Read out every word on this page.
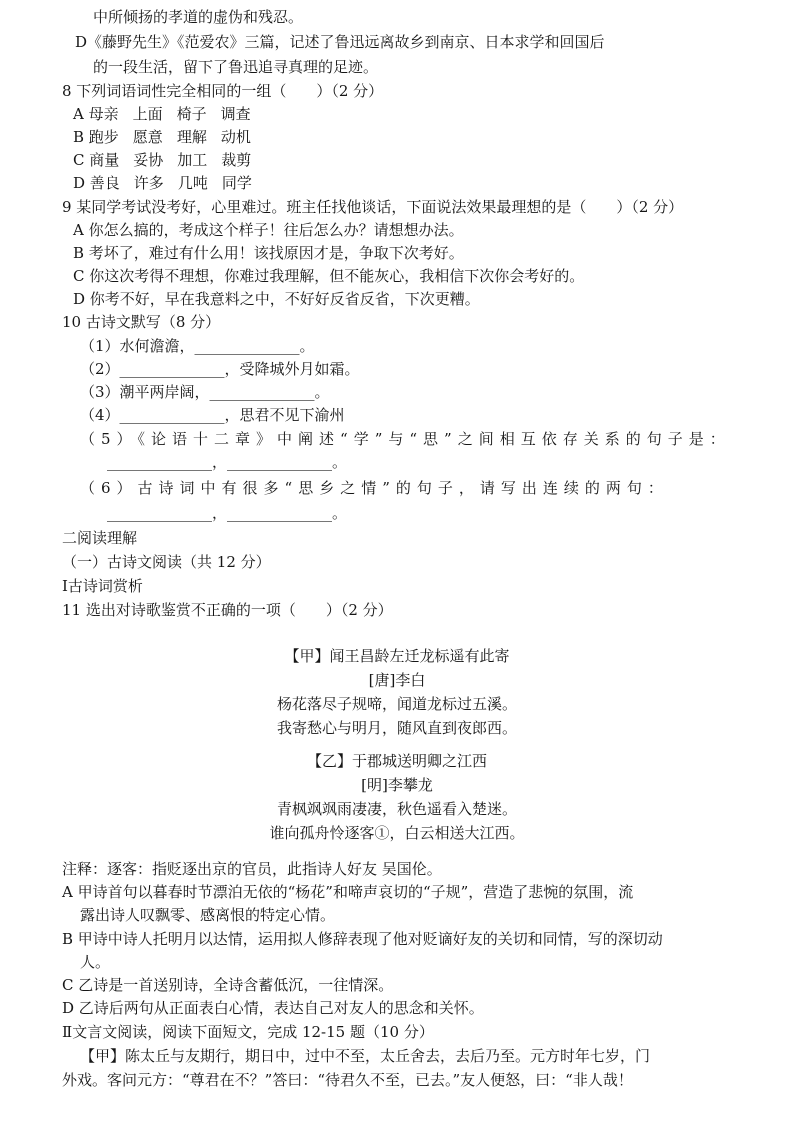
中所倾扬的孝道的虚伪和残忍。
D《藤野先生》《范爱农》三篇，记述了鲁迅远离故乡到南京、日本求学和回国后
的一段生活，留下了鲁迅追寻真理的足迹。
8 下列词语词性完全相同的一组（　　）（2 分）
A 母亲 上面 椅子 调查
B 跑步 愿意 理解 动机
C 商量 妥协 加工 裁剪
D 善良 许多 几吨 同学
9 某同学考试没考好，心里难过。班主任找他谈话，下面说法效果最理想的是（　　）（2 分）
A 你怎么搞的，考成这个样子！往后怎么办？请想想办法。
B 考坏了，难过有什么用！该找原因才是，争取下次考好。
C 你这次考得不理想，你难过我理解，但不能灰心，我相信下次你会考好的。
D 你考不好，早在我意料之中，不好好反省反省，下次更糟。
10 古诗文默写（8 分）
（1）水何澹澹，______________。
（2）______________，受降城外月如霜。
（3）潮平两岸阔，______________。
（4）______________，思君不见下渝州
（5）《论语十二章》中阐述“学”与“思”之间相互依存关系的句子是：
______________，______________。
（6）古诗词中有很多“思乡之情”的句子，请写出连续的两句：
______________，______________。
二阅读理解
（一）古诗文阅读（共 12 分）
Ⅰ古诗词赏析
11 选出对诗歌鉴赏不正确的一项（　　）（2 分）
【甲】闻王昌龄左迁龙标遥有此寄
[唐]李白
杨花落尽子规啼，闻道龙标过五溪。
我寄愁心与明月，随风直到夜郎西。
【乙】于郡城送明卿之江西
[明]李攀龙
青枫飒飒雨凄凄，秋色遥看入楚迷。
谁向孤舟怜逐客①，白云相送大江西。
注释：逐客：指贬逐出京的官员，此指诗人好友 吴国伦。
A 甲诗首句以暮春时节漂泊无依的“杨花”和啼声哀切的“子规”，营造了悲惋的氛围，流
露出诗人叹飘零、感离恨的特定心情。
B 甲诗中诗人托明月以达情，运用拟人修辞表现了他对贬谪好友的关切和同情，写的深切动
人。
C 乙诗是一首送别诗，全诗含蓄低沉，一往情深。
D 乙诗后两句从正面表白心情，表达自己对友人的思念和关怀。
Ⅱ文言文阅读，阅读下面短文，完成 12-15 题（10 分）
【甲】陈太丘与友期行，期日中，过中不至，太丘舍去，去后乃至。元方时年七岁，门
外戏。客问元方：“尊君在不？”答曰：“待君久不至，已去。”友人便怒，曰：“非人哉！
